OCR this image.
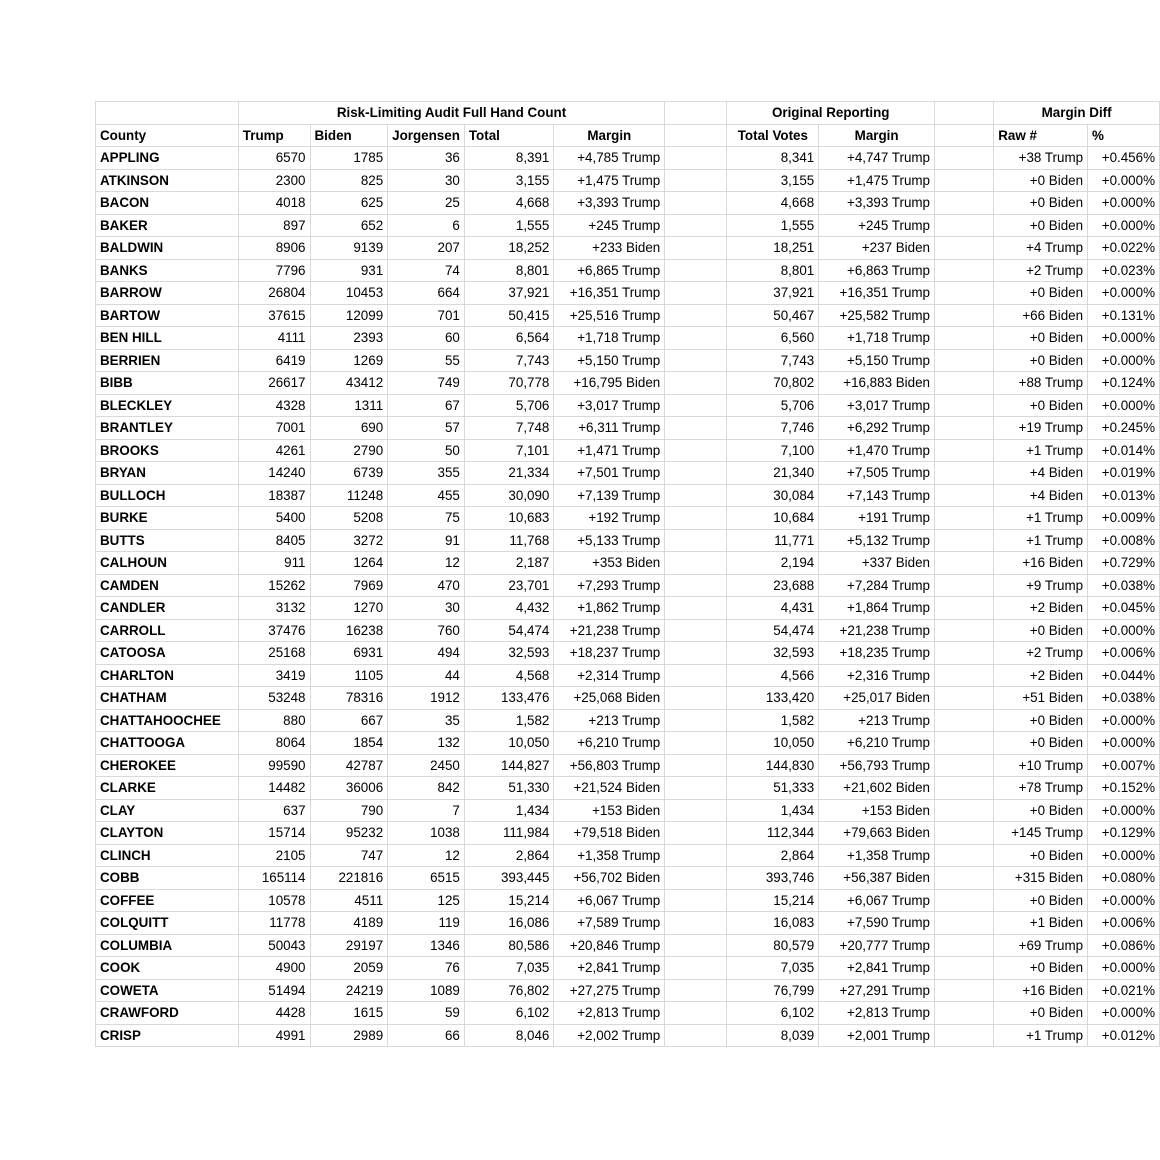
	Risk-Limiting Audit Full Hand Count						Original Reporting			Margin Diff	
County	Trump	Biden	Jorgensen	Total	Margin		Total Votes	Margin		Raw #	%
APPLING	6570	1785	36	8,391	+4,785 Trump		8,341	+4,747 Trump		+38 Trump	+0.456%
ATKINSON	2300	825	30	3,155	+1,475 Trump		3,155	+1,475 Trump		+0 Biden	+0.000%
BACON	4018	625	25	4,668	+3,393 Trump		4,668	+3,393 Trump		+0 Biden	+0.000%
BAKER	897	652	6	1,555	+245 Trump		1,555	+245 Trump		+0 Biden	+0.000%
BALDWIN	8906	9139	207	18,252	+233 Biden		18,251	+237 Biden		+4 Trump	+0.022%
BANKS	7796	931	74	8,801	+6,865 Trump		8,801	+6,863 Trump		+2 Trump	+0.023%
BARROW	26804	10453	664	37,921	+16,351 Trump		37,921	+16,351 Trump		+0 Biden	+0.000%
BARTOW	37615	12099	701	50,415	+25,516 Trump		50,467	+25,582 Trump		+66 Biden	+0.131%
BEN HILL	4111	2393	60	6,564	+1,718 Trump		6,560	+1,718 Trump		+0 Biden	+0.000%
BERRIEN	6419	1269	55	7,743	+5,150 Trump		7,743	+5,150 Trump		+0 Biden	+0.000%
BIBB	26617	43412	749	70,778	+16,795 Biden		70,802	+16,883 Biden		+88 Trump	+0.124%
BLECKLEY	4328	1311	67	5,706	+3,017 Trump		5,706	+3,017 Trump		+0 Biden	+0.000%
BRANTLEY	7001	690	57	7,748	+6,311 Trump		7,746	+6,292 Trump		+19 Trump	+0.245%
BROOKS	4261	2790	50	7,101	+1,471 Trump		7,100	+1,470 Trump		+1 Trump	+0.014%
BRYAN	14240	6739	355	21,334	+7,501 Trump		21,340	+7,505 Trump		+4 Biden	+0.019%
BULLOCH	18387	11248	455	30,090	+7,139 Trump		30,084	+7,143 Trump		+4 Biden	+0.013%
BURKE	5400	5208	75	10,683	+192 Trump		10,684	+191 Trump		+1 Trump	+0.009%
BUTTS	8405	3272	91	11,768	+5,133 Trump		11,771	+5,132 Trump		+1 Trump	+0.008%
CALHOUN	911	1264	12	2,187	+353 Biden		2,194	+337 Biden		+16 Biden	+0.729%
CAMDEN	15262	7969	470	23,701	+7,293 Trump		23,688	+7,284 Trump		+9 Trump	+0.038%
CANDLER	3132	1270	30	4,432	+1,862 Trump		4,431	+1,864 Trump		+2 Biden	+0.045%
CARROLL	37476	16238	760	54,474	+21,238 Trump		54,474	+21,238 Trump		+0 Biden	+0.000%
CATOOSA	25168	6931	494	32,593	+18,237 Trump		32,593	+18,235 Trump		+2 Trump	+0.006%
CHARLTON	3419	1105	44	4,568	+2,314 Trump		4,566	+2,316 Trump		+2 Biden	+0.044%
CHATHAM	53248	78316	1912	133,476	+25,068 Biden		133,420	+25,017 Biden		+51 Biden	+0.038%
CHATTAHOOCHEE	880	667	35	1,582	+213 Trump		1,582	+213 Trump		+0 Biden	+0.000%
CHATTOOGA	8064	1854	132	10,050	+6,210 Trump		10,050	+6,210 Trump		+0 Biden	+0.000%
CHEROKEE	99590	42787	2450	144,827	+56,803 Trump		144,830	+56,793 Trump		+10 Trump	+0.007%
CLARKE	14482	36006	842	51,330	+21,524 Biden		51,333	+21,602 Biden		+78 Trump	+0.152%
CLAY	637	790	7	1,434	+153 Biden		1,434	+153 Biden		+0 Biden	+0.000%
CLAYTON	15714	95232	1038	111,984	+79,518 Biden		112,344	+79,663 Biden		+145 Trump	+0.129%
CLINCH	2105	747	12	2,864	+1,358 Trump		2,864	+1,358 Trump		+0 Biden	+0.000%
COBB	165114	221816	6515	393,445	+56,702 Biden		393,746	+56,387 Biden		+315 Biden	+0.080%
COFFEE	10578	4511	125	15,214	+6,067 Trump		15,214	+6,067 Trump		+0 Biden	+0.000%
COLQUITT	11778	4189	119	16,086	+7,589 Trump		16,083	+7,590 Trump		+1 Biden	+0.006%
COLUMBIA	50043	29197	1346	80,586	+20,846 Trump		80,579	+20,777 Trump		+69 Trump	+0.086%
COOK	4900	2059	76	7,035	+2,841 Trump		7,035	+2,841 Trump		+0 Biden	+0.000%
COWETA	51494	24219	1089	76,802	+27,275 Trump		76,799	+27,291 Trump		+16 Biden	+0.021%
CRAWFORD	4428	1615	59	6,102	+2,813 Trump		6,102	+2,813 Trump		+0 Biden	+0.000%
CRISP	4991	2989	66	8,046	+2,002 Trump		8,039	+2,001 Trump		+1 Trump	+0.012%
